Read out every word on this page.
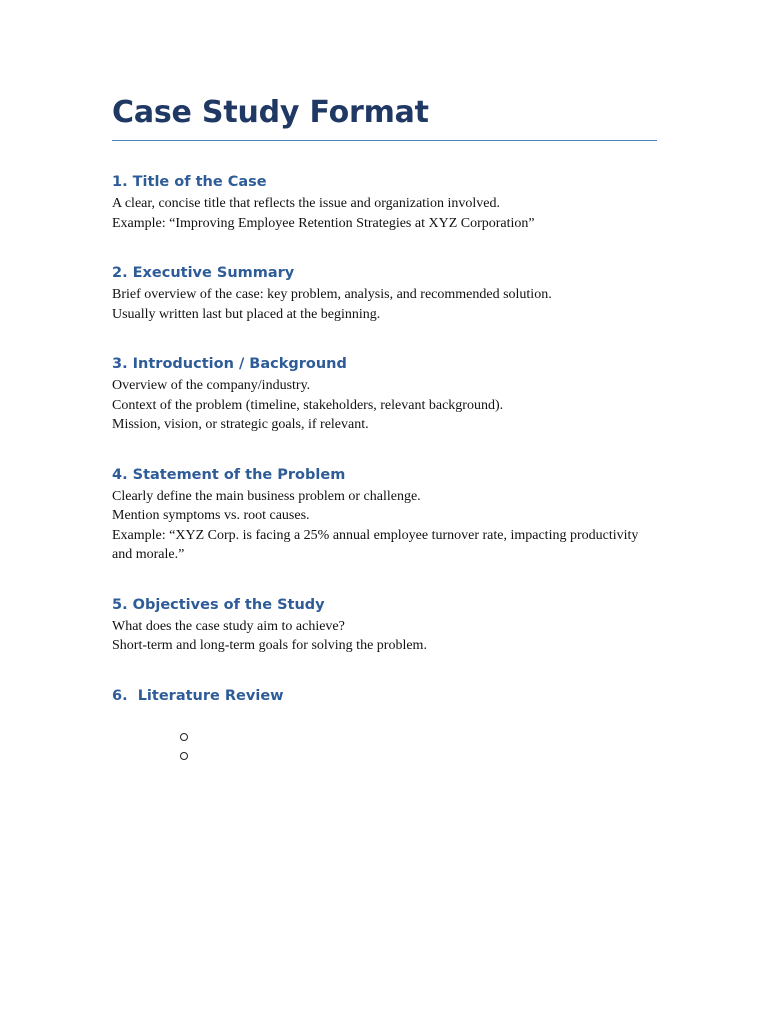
Case Study Format
1. Title of the Case

A clear, concise title that reflects the issue and organization involved.

Example: “Improving Employee Retention Strategies at XYZ Corporation”

2. Executive Summary

Brief overview of the case: key problem, analysis, and recommended solution.

Usually written last but placed at the beginning.

3. Introduction / Background

Overview of the company/industry.

Context of the problem (timeline, stakeholders, relevant background).

Mission, vision, or strategic goals, if relevant.

4. Statement of the Problem

Clearly define the main business problem or challenge.

Mention symptoms vs. root causes.

Example: “XYZ Corp. is facing a 25% annual employee turnover rate, impacting productivity and morale.”

5. Objectives of the Study

What does the case study aim to achieve?

Short-term and long-term goals for solving the problem.

6.  Literature Review
